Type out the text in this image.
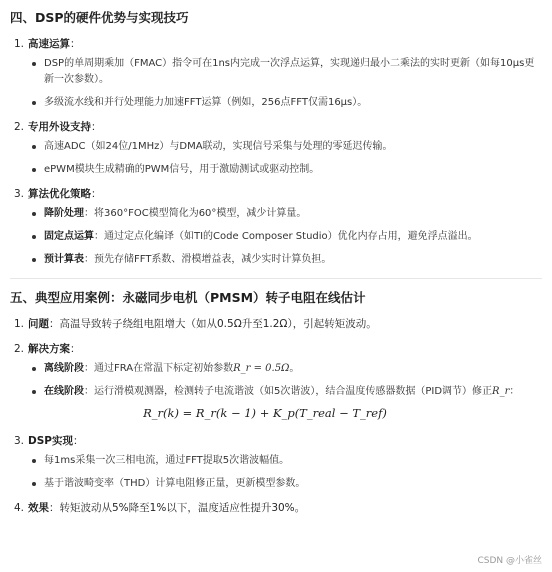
四、DSP的硬件优势与实现技巧
1. 高速运算：
DSP的单周期乘加（FMAC）指令可在1ns内完成一次浮点运算，实现递归最小二乘法的实时更新（如每10μs更新一次参数）。
多级流水线和并行处理能力加速FFT运算（例如，256点FFT仅需16μs）。
2. 专用外设支持：
高速ADC（如24位/1MHz）与DMA联动，实现信号采集与处理的零延迟传输。
ePWM模块生成精确的PWM信号，用于激励测试或驱动控制。
3. 算法优化策略：
降阶处理：将360°FOC模型简化为60°模型，减少计算量。
固定点运算：通过定点化编译（如TI的Code Composer Studio）优化内存占用，避免浮点溢出。
预计算表：预先存储FFT系数、滑模增益表，减少实时计算负担。
五、典型应用案例：永磁同步电机（PMSM）转子电阻在线估计
1. 问题：高温导致转子绕组电阻增大（如从0.5Ω升至1.2Ω），引起转矩波动。
2. 解决方案：
离线阶段：通过FRA在常温下标定初始参数R_r = 0.5Ω。
在线阶段：运行滑模观测器，检测转子电流谐波（如5次谐波），结合温度传感器数据（PID调节）修正R_r：
R_r(k) = R_r(k − 1) + K_p(T_real − T_ref)
3. DSP实现：
每1ms采集一次三相电流，通过FFT提取5次谐波幅值。
基于谐波畸变率（THD）计算电阻修正量，更新模型参数。
4. 效果：转矩波动从5%降至1%以下，温度适应性提升30%。
CSDN @小雀丝
